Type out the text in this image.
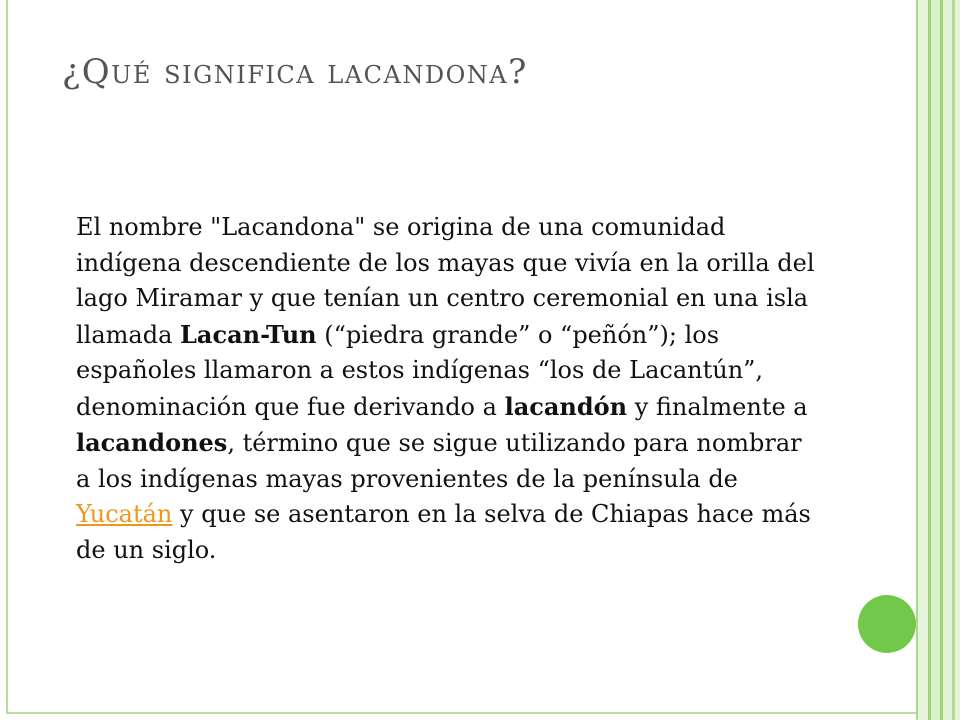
¿Qué significa lacandona?

El nombre "Lacandona" se origina de una comunidad indígena descendiente de los mayas que vivía en la orilla del lago Miramar y que tenían un centro ceremonial en una isla llamada Lacan-Tun (“piedra grande” o “peñón”); los españoles llamaron a estos indígenas “los de Lacantún”, denominación que fue derivando a lacandón y finalmente a lacandones, término que se sigue utilizando para nombrar a los indígenas mayas provenientes de la península de Yucatán y que se asentaron en la selva de Chiapas hace más de un siglo.
